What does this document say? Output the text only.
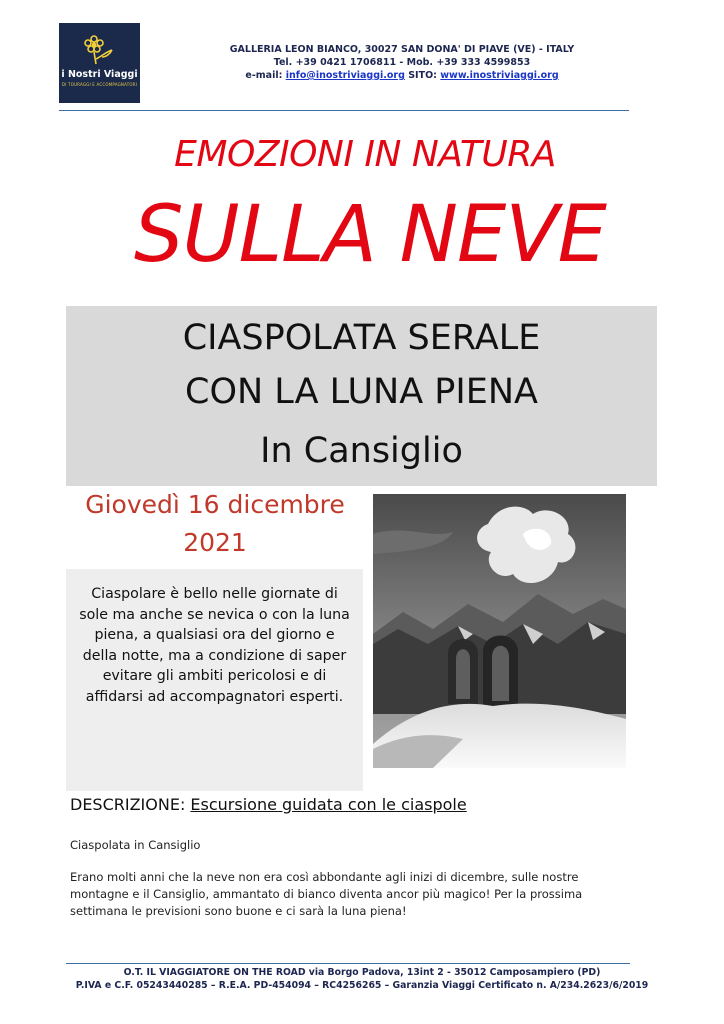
i Nostri Viaggi
DI TOURAGGI E ACCOMPAGNATORI
GALLERIA LEON BIANCO, 30027 SAN DONA' DI PIAVE (VE) - ITALY
Tel. +39 0421 1706811 - Mob. +39 333 4599853
e-mail: info@inostriviaggi.org SITO: www.inostriviaggi.org
EMOZIONI IN NATURA
SULLA NEVE
CIASPOLATA SERALE
CON LA LUNA PIENA
In Cansiglio
Giovedì 16 dicembre
2021
Ciaspolare è bello nelle giornate di
sole ma anche se nevica o con la luna
piena, a qualsiasi ora del giorno e
della notte, ma a condizione di saper
evitare gli ambiti pericolosi e di
affidarsi ad accompagnatori esperti.
DESCRIZIONE: Escursione guidata con le ciaspole
Ciaspolata in Cansiglio
Erano molti anni che la neve non era così abbondante agli inizi di dicembre, sulle nostre
montagne e il Cansiglio, ammantato di bianco diventa ancor più magico! Per la prossima
settimana le previsioni sono buone e ci sarà la luna piena!
O.T. IL VIAGGIATORE ON THE ROAD via Borgo Padova, 13int 2 - 35012 Camposampiero (PD)
P.IVA e C.F. 05243440285 – R.E.A. PD-454094 – RC4256265 – Garanzia Viaggi Certificato n. A/234.2623/6/2019
